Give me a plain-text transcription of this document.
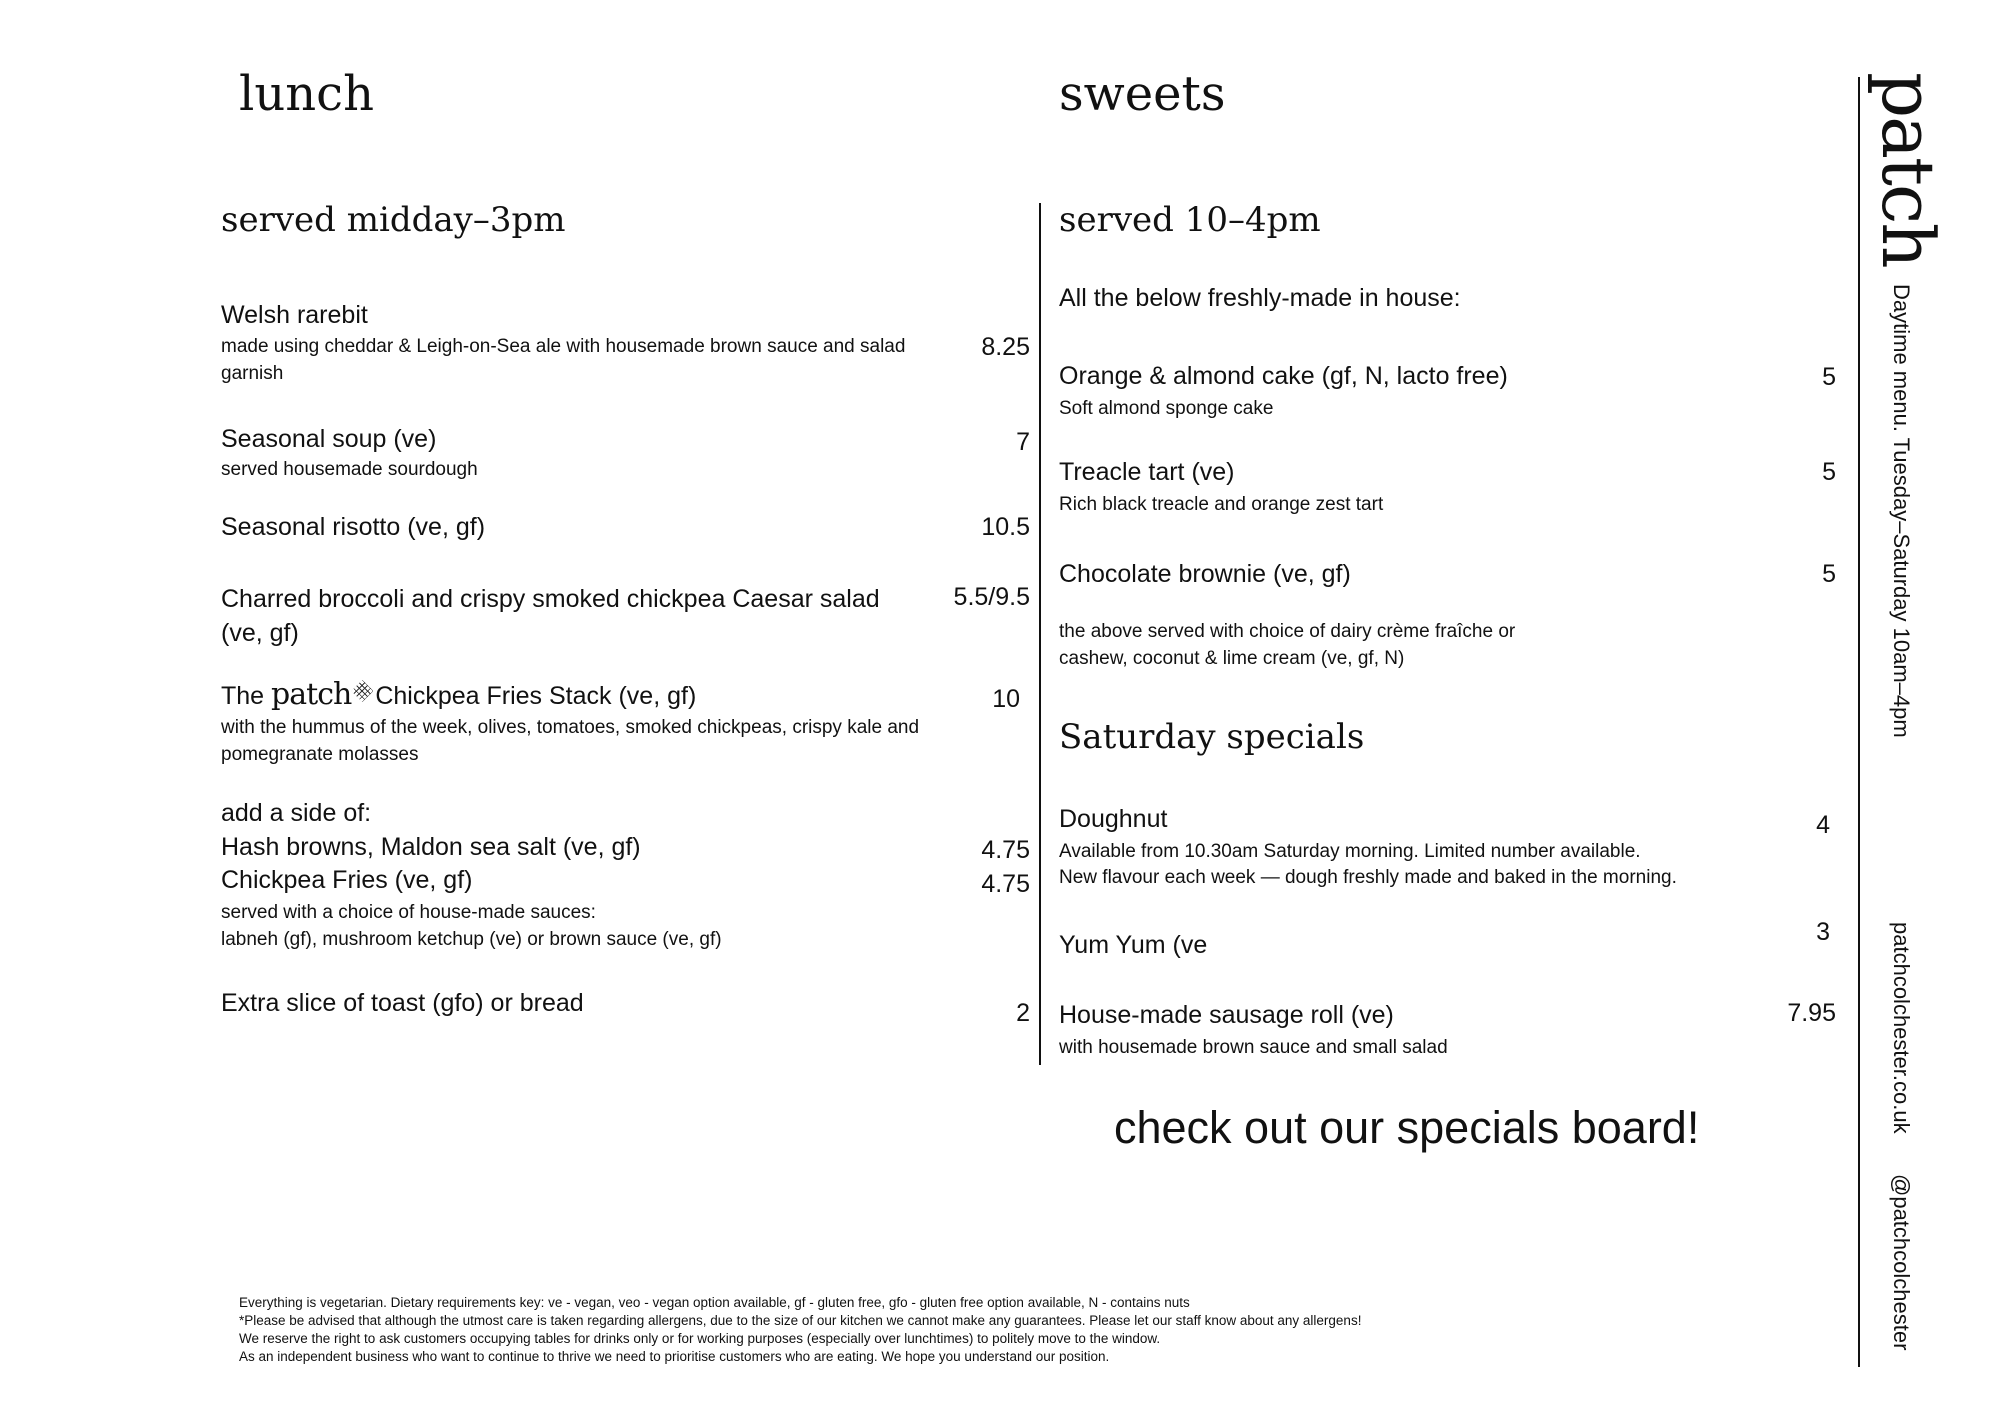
lunch	sweets
served midday–3pm	served 10–4pm
Welsh rarebit
made using cheddar & Leigh-on-Sea ale with housemade brown sauce and salad garnish
8.25
Seasonal soup (ve)
served housemade sourdough
7
Seasonal risotto (ve, gf)	10.5
Charred broccoli and crispy smoked chickpea Caesar salad (ve, gf)
5.5/9.5
The patch Chickpea Fries Stack (ve, gf)
with the hummus of the week, olives, tomatoes, smoked chickpeas, crispy kale and pomegranate molasses
10
add a side of:
Hash browns, Maldon sea salt (ve, gf)	4.75
Chickpea Fries (ve, gf)	4.75
served with a choice of house-made sauces:
labneh (gf), mushroom ketchup (ve) or brown sauce (ve, gf)
Extra slice of toast (gfo) or bread	2
All the below freshly-made in house:
Orange & almond cake (gf, N, lacto free)
Soft almond sponge cake
5
Treacle tart (ve)
Rich black treacle and orange zest tart
5
Chocolate brownie (ve, gf)	5
the above served with choice of dairy crème fraîche or cashew, coconut & lime cream (ve, gf, N)
Saturday specials
Doughnut
Available from 10.30am Saturday morning. Limited number available.
New flavour each week — dough freshly made and baked in the morning.
4
Yum Yum (ve	3
House-made sausage roll (ve)
with housemade brown sauce and small salad
7.95
check out our specials board!
Everything is vegetarian. Dietary requirements key: ve - vegan, veo - vegan option available, gf - gluten free, gfo - gluten free option available, N - contains nuts
*Please be advised that although the utmost care is taken regarding allergens, due to the size of our kitchen we cannot make any guarantees. Please let our staff know about any allergens!
We reserve the right to ask customers occupying tables for drinks only or for working purposes (especially over lunchtimes) to politely move to the window.
As an independent business who want to continue to thrive we need to prioritise customers who are eating. We hope you understand our position.
patch
Daytime menu. Tuesday–Saturday 10am–4pm
patchcolchester.co.uk
@patchcolchester
